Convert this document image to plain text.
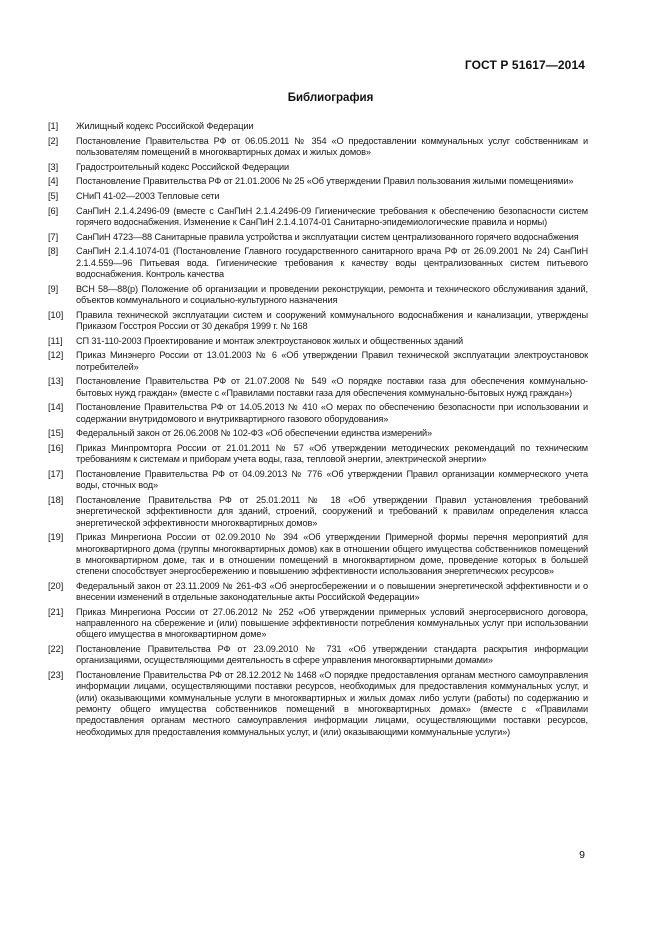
ГОСТ Р 51617—2014
Библиография
[1]	Жилищный кодекс Российской Федерации
[2]	Постановление Правительства РФ от 06.05.2011 № 354 «О предоставлении коммунальных услуг собственникам и пользователям помещений в многоквартирных домах и жилых домов»
[3]	Градостроительный кодекс Российской Федерации
[4]	Постановление Правительства РФ от 21.01.2006 № 25 «Об утверждении Правил пользования жилыми помещениями»
[5]	СНиП 41-02—2003 Тепловые сети
[6]	СанПиН 2.1.4.2496-09 (вместе с СанПиН 2.1.4.2496-09 Гигиенические требования к обеспечению безопасности систем горячего водоснабжения. Изменение к СанПиН 2.1.4.1074-01 Санитарно-эпидемиологические правила и нормы)
[7]	СанПиН 4723—88 Санитарные правила устройства и эксплуатации систем централизованного горячего водоснабжения
[8]	СанПиН 2.1.4.1074-01 (Постановление Главного государственного санитарного врача РФ от 26.09.2001 № 24) СанПиН 2.1.4.559—96 Питьевая вода. Гигиенические требования к качеству воды централизованных систем питьевого водоснабжения. Контроль качества
[9]	ВСН 58—88(р) Положение об организации и проведении реконструкции, ремонта и технического обслуживания зданий, объектов коммунального и социально-культурного назначения
[10]	Правила технической эксплуатации систем и сооружений коммунального водоснабжения и канализации, утверждены Приказом Госстроя России от 30 декабря 1999 г. № 168
[11]	СП 31-110-2003 Проектирование и монтаж электроустановок жилых и общественных зданий
[12]	Приказ Минэнерго России от 13.01.2003 № 6 «Об утверждении Правил технической эксплуатации электроустановок потребителей»
[13]	Постановление Правительства РФ от 21.07.2008 № 549 «О порядке поставки газа для обеспечения коммунально-бытовых нужд граждан» (вместе с «Правилами поставки газа для обеспечения коммунально-бытовых нужд граждан»)
[14]	Постановление Правительства РФ от 14.05.2013 № 410 «О мерах по обеспечению безопасности при использовании и содержании внутридомового и внутриквартирного газового оборудования»
[15]	Федеральный закон от 26.06.2008 № 102-ФЗ «Об обеспечении единства измерений»
[16]	Приказ Минпромторга России от 21.01.2011 № 57 «Об утверждении методических рекомендаций по техническим требованиям к системам и приборам учета воды, газа, тепловой энергии, электрической энергии»
[17]	Постановление Правительства РФ от 04.09.2013 № 776 «Об утверждении Правил организации коммерческого учета воды, сточных вод»
[18]	Постановление Правительства РФ от 25.01.2011 № 18 «Об утверждении Правил установления требований энергетической эффективности для зданий, строений, сооружений и требований к правилам определения класса энергетической эффективности многоквартирных домов»
[19]	Приказ Минрегиона России от 02.09.2010 № 394 «Об утверждении Примерной формы перечня мероприятий для многоквартирного дома (группы многоквартирных домов) как в отношении общего имущества собственников помещений в многоквартирном доме, так и в отношении помещений в многоквартирном доме, проведение которых в большей степени способствует энергосбережению и повышению эффективности использования энергетических ресурсов»
[20]	Федеральный закон от 23.11.2009 № 261-ФЗ «Об энергосбережении и о повышении энергетической эффективности и о внесении изменений в отдельные законодательные акты Российской Федерации»
[21]	Приказ Минрегиона России от 27.06.2012 № 252 «Об утверждении примерных условий энергосервисного договора, направленного на сбережение и (или) повышение эффективности потребления коммунальных услуг при использовании общего имущества в многоквартирном доме»
[22]	Постановление Правительства РФ от 23.09.2010 № 731 «Об утверждении стандарта раскрытия информации организациями, осуществляющими деятельность в сфере управления многоквартирными домами»
[23]	Постановление Правительства РФ от 28.12.2012 № 1468 «О порядке предоставления органам местного самоуправления информации лицами, осуществляющими поставки ресурсов, необходимых для предоставления коммунальных услуг, и (или) оказывающими коммунальные услуги в многоквартирных и жилых домах либо услуги (работы) по содержанию и ремонту общего имущества собственников помещений в многоквартирных домах» (вместе с «Правилами предоставления органам местного самоуправления информации лицами, осуществляющими поставки ресурсов, необходимых для предоставления коммунальных услуг, и (или) оказывающими коммунальные услуги»)
9
